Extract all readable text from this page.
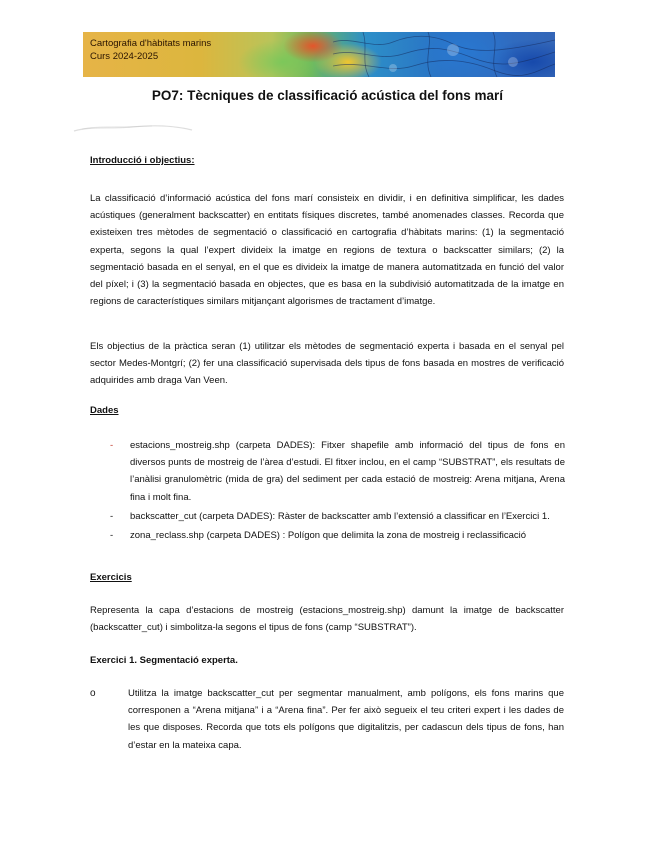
Cartografia d'hàbitats marins
Curs 2024-2025
PO7: Tècniques de classificació acústica del fons marí
Introducció i objectius:
La classificació d’informació acústica del fons marí consisteix en dividir, i en definitiva simplificar, les dades acústiques (generalment backscatter) en entitats físiques discretes, també anomenades classes. Recorda que existeixen tres mètodes de segmentació o classificació en cartografia d’hàbitats marins: (1) la segmentació experta, segons la qual l’expert divideix la imatge en regions de textura o backscatter similars; (2) la segmentació basada en el senyal, en el que es divideix la imatge de manera automatitzada en funció del valor del píxel; i (3) la segmentació basada en objectes, que es basa en la subdivisió automatitzada de la imatge en regions de característiques similars mitjançant algorismes de tractament d’imatge.
Els objectius de la pràctica seran (1) utilitzar els mètodes de segmentació experta i basada en el senyal pel sector Medes-Montgrí; (2) fer una classificació supervisada dels tipus de fons basada en mostres de verificació adquirides amb draga Van Veen.
Dades
- estacions_mostreig.shp (carpeta DADES): Fitxer shapefile amb informació del tipus de fons en diversos punts de mostreig de l’àrea d’estudi. El fitxer inclou, en el camp “SUBSTRAT”, els resultats de l’anàlisi granulomètric (mida de gra) del sediment per cada estació de mostreig: Arena mitjana, Arena fina i molt fina.
- backscatter_cut (carpeta DADES): Ràster de backscatter amb l’extensió a classificar en l’Exercici 1.
- zona_reclass.shp (carpeta DADES) : Polígon que delimita la zona de mostreig i reclassificació
Exercicis
Representa la capa d’estacions de mostreig (estacions_mostreig.shp) damunt la imatge de backscatter (backscatter_cut) i simbolitza-la segons el tipus de fons (camp “SUBSTRAT”).
Exercici 1. Segmentació experta.
o	Utilitza la imatge backscatter_cut per segmentar manualment, amb polígons, els fons marins que corresponen a “Arena mitjana” i a “Arena fina”. Per fer això segueix el teu criteri expert i les dades de les que disposes. Recorda que tots els polígons que digitalitzis, per cadascun dels tipus de fons, han d’estar en la mateixa capa.
